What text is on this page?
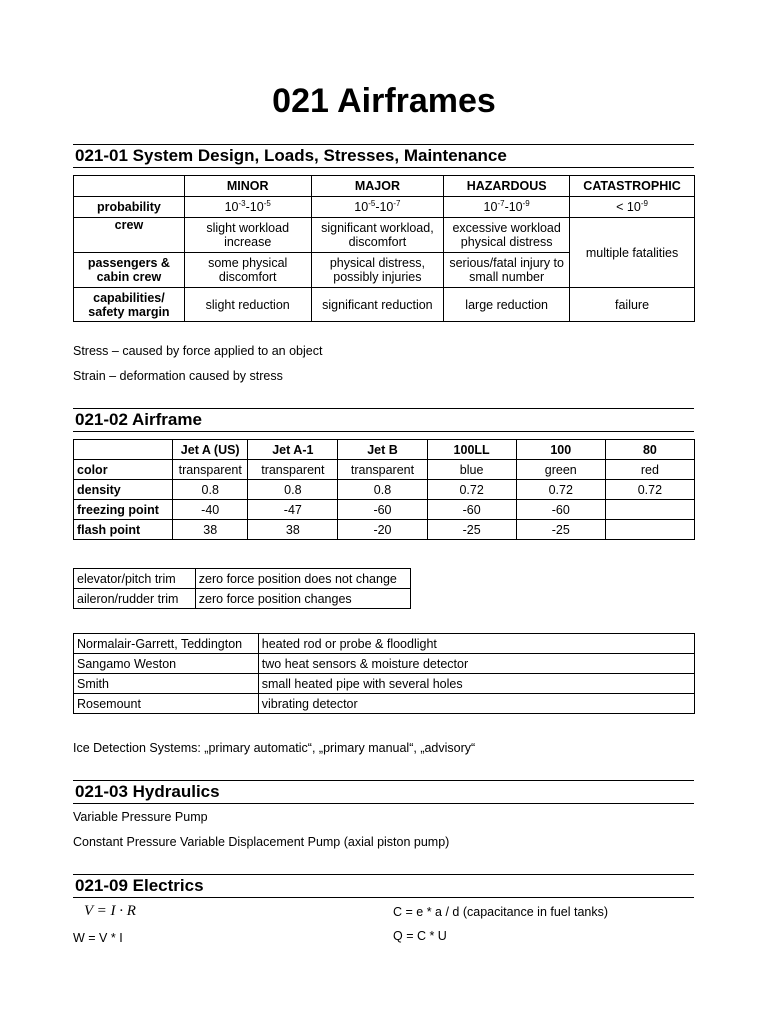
021 Airframes
021-01 System Design, Loads, Stresses, Maintenance
	MINOR	MAJOR	HAZARDOUS	CATASTROPHIC
probability	$10^{-3}-10^{-5}$	$10^{-5}-10^{-7}$	$10^{-7}-10^{-9}$	< $10^{-9}$
crew	slight workload increase	significant workload, discomfort	excessive workload physical distress	multiple fatalities
passengers & cabin crew	some physical discomfort	physical distress, possibly injuries	serious/fatal injury to small number	
capabilities/ safety margin	slight reduction	significant reduction	large reduction	failure
Stress – caused by force applied to an object
Strain – deformation caused by stress
021-02 Airframe
	Jet A (US)	Jet A-1	Jet B	100LL	100	80
color	transparent	transparent	transparent	blue	green	red
density	0.8	0.8	0.8	0.72	0.72	0.72
freezing point	-40	-47	-60	-60	-60	
flash point	38	38	-20	-25	-25	
elevator/pitch trim	zero force position does not change
aileron/rudder trim	zero force position changes
Normalair-Garrett, Teddington	heated rod or probe & floodlight
Sangamo Weston	two heat sensors & moisture detector
Smith	small heated pipe with several holes
Rosemount	vibrating detector
Ice Detection Systems: „primary automatic“, „primary manual“, „advisory“
021-03 Hydraulics
Variable Pressure Pump
Constant Pressure Variable Displacement Pump (axial piston pump)
021-09 Electrics
V = I · R
W = V * I
C = e * a / d (capacitance in fuel tanks)
Q = C * U
